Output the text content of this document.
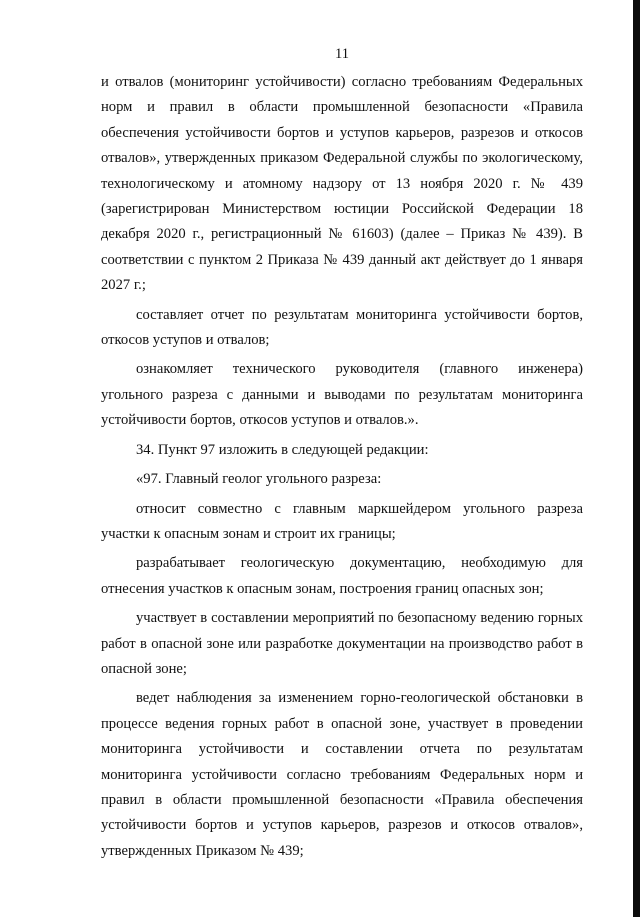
11

и отвалов (мониторинг устойчивости) согласно требованиям Федеральных норм и правил в области промышленной безопасности «Правила обеспечения устойчивости бортов и уступов карьеров, разрезов и откосов отвалов», утвержденных приказом Федеральной службы по экологическому, технологическому и атомному надзору от 13 ноября 2020 г. № 439 (зарегистрирован Министерством юстиции Российской Федерации 18 декабря 2020 г., регистрационный № 61603) (далее – Приказ № 439). В соответствии с пунктом 2 Приказа № 439 данный акт действует до 1 января 2027 г.;

составляет отчет по результатам мониторинга устойчивости бортов, откосов уступов и отвалов;

ознакомляет технического руководителя (главного инженера) угольного разреза с данными и выводами по результатам мониторинга устойчивости бортов, откосов уступов и отвалов.».

34. Пункт 97 изложить в следующей редакции:

«97. Главный геолог угольного разреза:

относит совместно с главным маркшейдером угольного разреза участки к опасным зонам и строит их границы;

разрабатывает геологическую документацию, необходимую для отнесения участков к опасным зонам, построения границ опасных зон;

участвует в составлении мероприятий по безопасному ведению горных работ в опасной зоне или разработке документации на производство работ в опасной зоне;

ведет наблюдения за изменением горно-геологической обстановки в процессе ведения горных работ в опасной зоне, участвует в проведении мониторинга устойчивости и составлении отчета по результатам мониторинга устойчивости согласно требованиям Федеральных норм и правил в области промышленной безопасности «Правила обеспечения устойчивости бортов и уступов карьеров, разрезов и откосов отвалов», утвержденных Приказом № 439;
